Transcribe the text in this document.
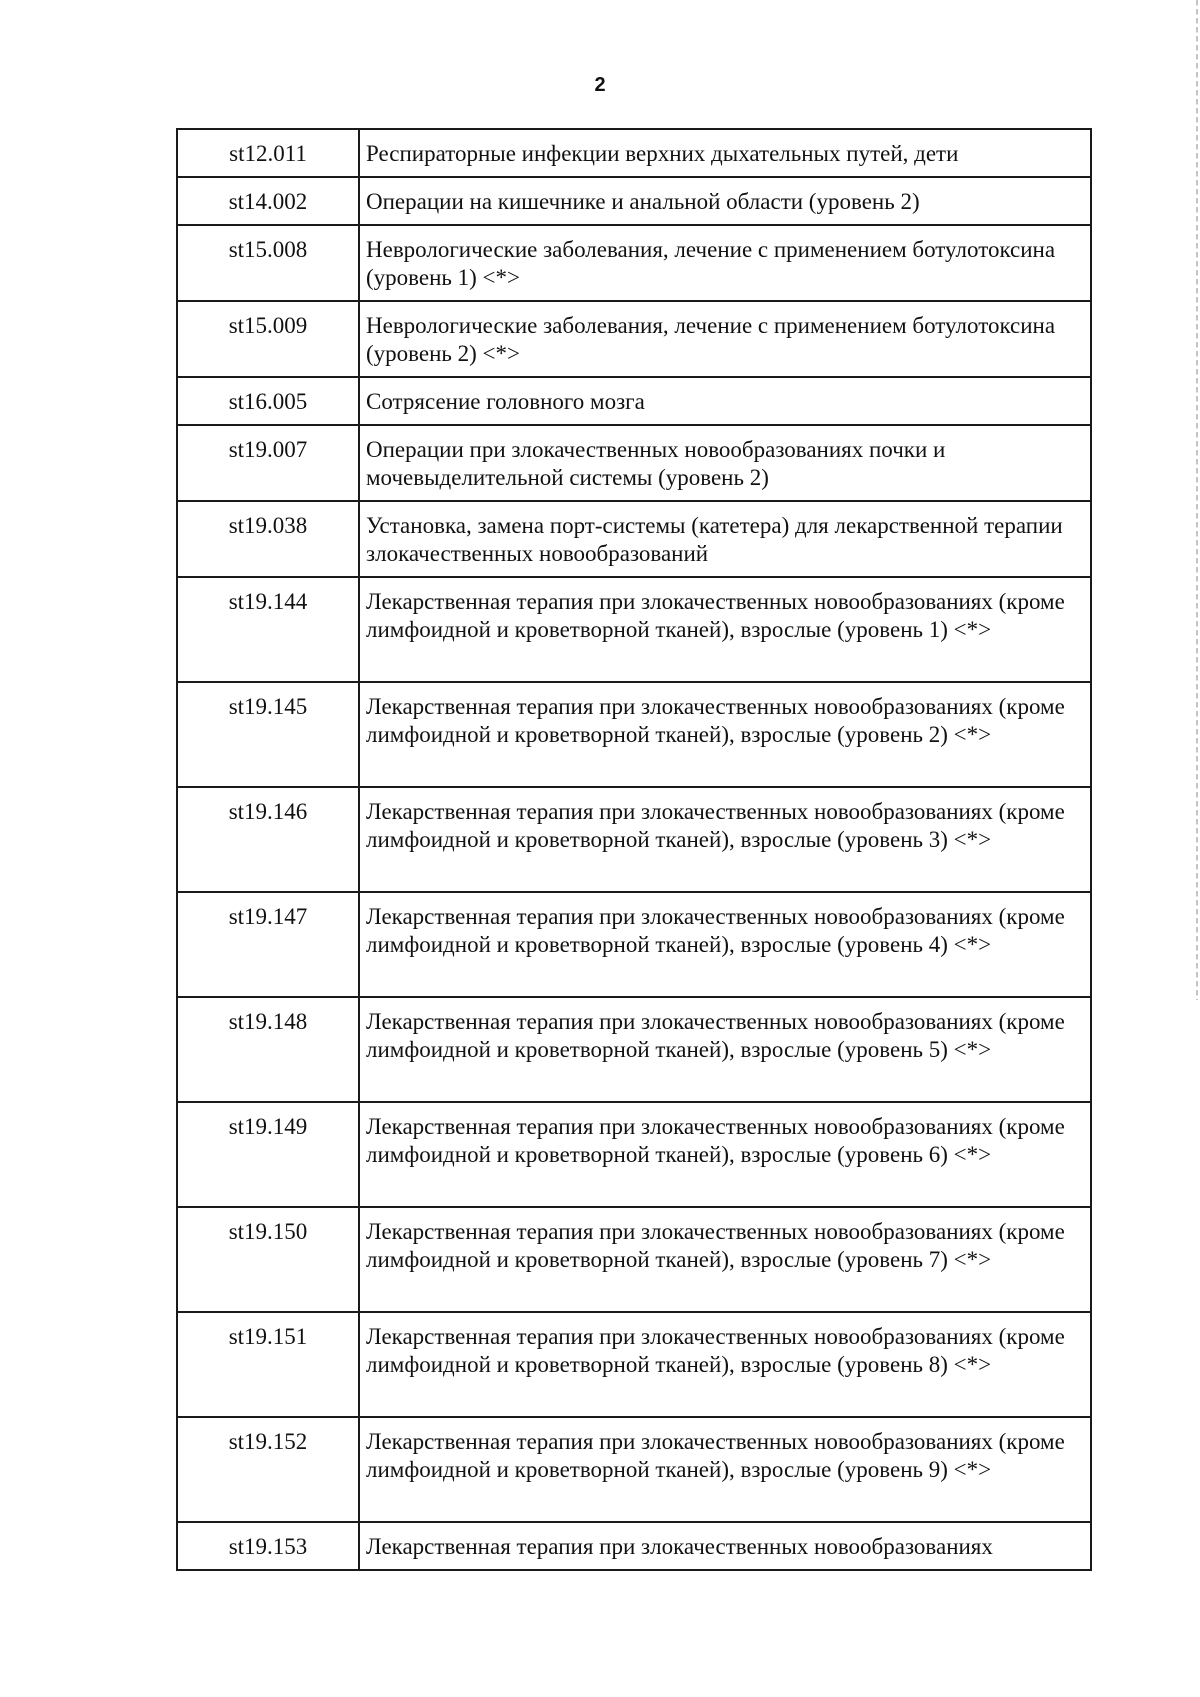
2
st12.011	Респираторные инфекции верхних дыхательных путей, дети
st14.002	Операции на кишечнике и анальной области (уровень 2)
st15.008	Неврологические заболевания, лечение с применением ботулотоксина (уровень 1) <*>
st15.009	Неврологические заболевания, лечение с применением ботулотоксина (уровень 2) <*>
st16.005	Сотрясение головного мозга
st19.007	Операции при злокачественных новообразованиях почки и мочевыделительной системы (уровень 2)
st19.038	Установка, замена порт-системы (катетера) для лекарственной терапии злокачественных новообразований
st19.144	Лекарственная терапия при злокачественных новообразованиях (кроме лимфоидной и кроветворной тканей), взрослые (уровень 1) <*>
st19.145	Лекарственная терапия при злокачественных новообразованиях (кроме лимфоидной и кроветворной тканей), взрослые (уровень 2) <*>
st19.146	Лекарственная терапия при злокачественных новообразованиях (кроме лимфоидной и кроветворной тканей), взрослые (уровень 3) <*>
st19.147	Лекарственная терапия при злокачественных новообразованиях (кроме лимфоидной и кроветворной тканей), взрослые (уровень 4) <*>
st19.148	Лекарственная терапия при злокачественных новообразованиях (кроме лимфоидной и кроветворной тканей), взрослые (уровень 5) <*>
st19.149	Лекарственная терапия при злокачественных новообразованиях (кроме лимфоидной и кроветворной тканей), взрослые (уровень 6) <*>
st19.150	Лекарственная терапия при злокачественных новообразованиях (кроме лимфоидной и кроветворной тканей), взрослые (уровень 7) <*>
st19.151	Лекарственная терапия при злокачественных новообразованиях (кроме лимфоидной и кроветворной тканей), взрослые (уровень 8) <*>
st19.152	Лекарственная терапия при злокачественных новообразованиях (кроме лимфоидной и кроветворной тканей), взрослые (уровень 9) <*>
st19.153	Лекарственная терапия при злокачественных новообразованиях
